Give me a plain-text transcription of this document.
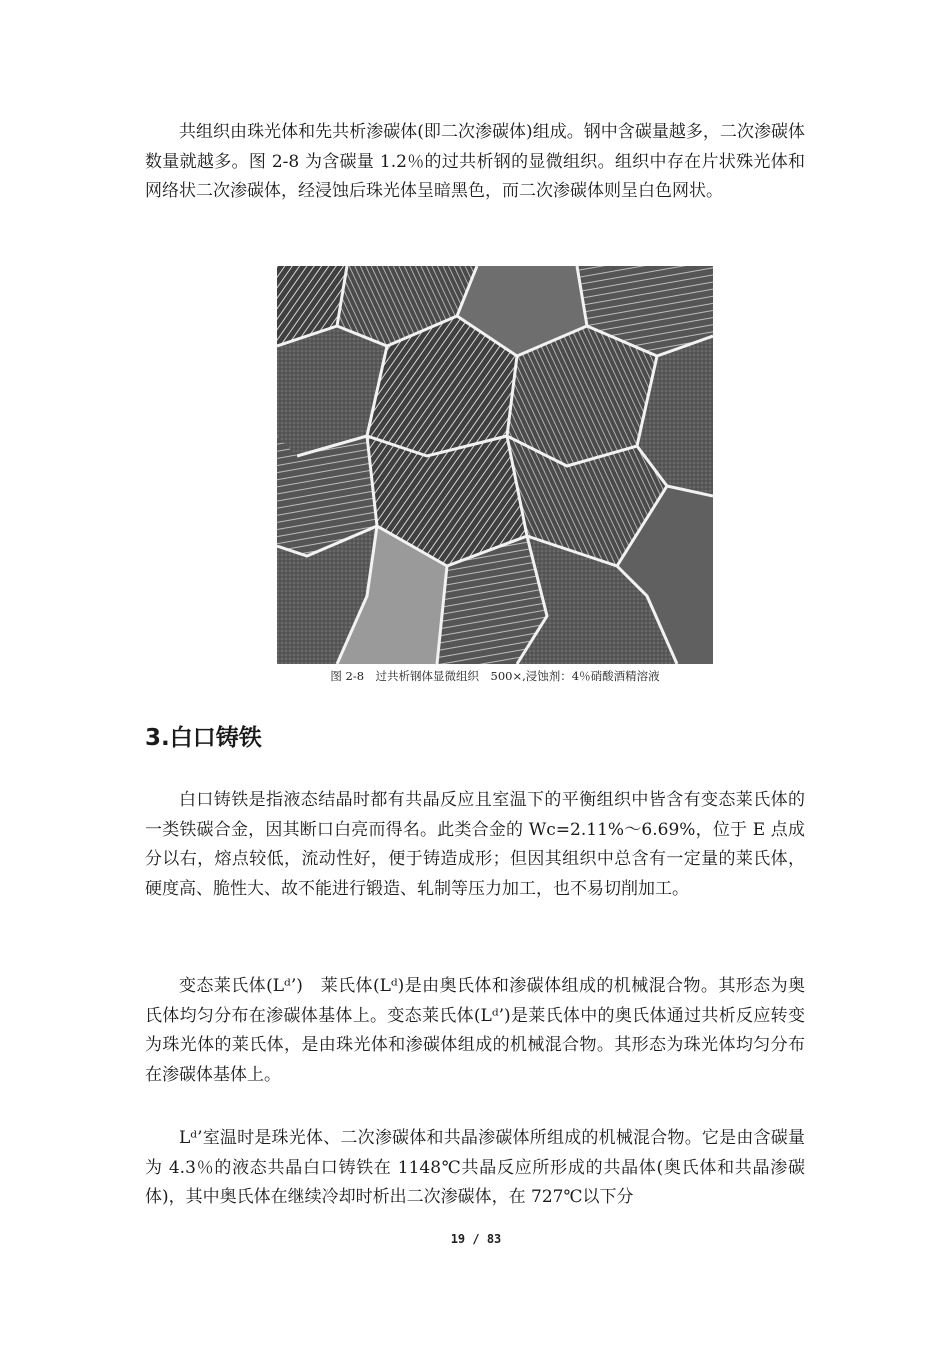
共组织由珠光体和先共析渗碳体(即二次渗碳体)组成。钢中含碳量越多，二次渗碳体数量就越多。图 2-8 为含碳量 1.2％的过共析钢的显微组织。组织中存在片状殊光体和网络状二次渗碳体，经浸蚀后珠光体呈暗黑色，而二次渗碳体则呈白色网状。

图 2-8　过共析钢体显微组织　500×,浸蚀剂：4％硝酸酒精溶液
3.白口铸铁

白口铸铁是指液态结晶时都有共晶反应且室温下的平衡组织中皆含有变态莱氏体的一类铁碳合金，因其断口白亮而得名。此类合金的 Wc=2.11%～6.69%，位于 E 点成分以右，熔点较低，流动性好，便于铸造成形；但因其组织中总含有一定量的莱氏体，硬度高、脆性大、故不能进行锻造、轧制等压力加工，也不易切削加工。

变态莱氏体(Lᵈ’)　莱氏体(Lᵈ)是由奥氏体和渗碳体组成的机械混合物。其形态为奥氏体均匀分布在渗碳体基体上。变态莱氏体(Lᵈ’)是莱氏体中的奥氏体通过共析反应转变为珠光体的莱氏体，是由珠光体和渗碳体组成的机械混合物。其形态为珠光体均匀分布在渗碳体基体上。

Lᵈ’室温时是珠光体、二次渗碳体和共晶渗碳体所组成的机械混合物。它是由含碳量为 4.3％的液态共晶白口铸铁在 1148℃共晶反应所形成的共晶体(奥氏体和共晶渗碳体)，其中奥氏体在继续冷却时析出二次渗碳体，在 727℃以下分

19 / 83
